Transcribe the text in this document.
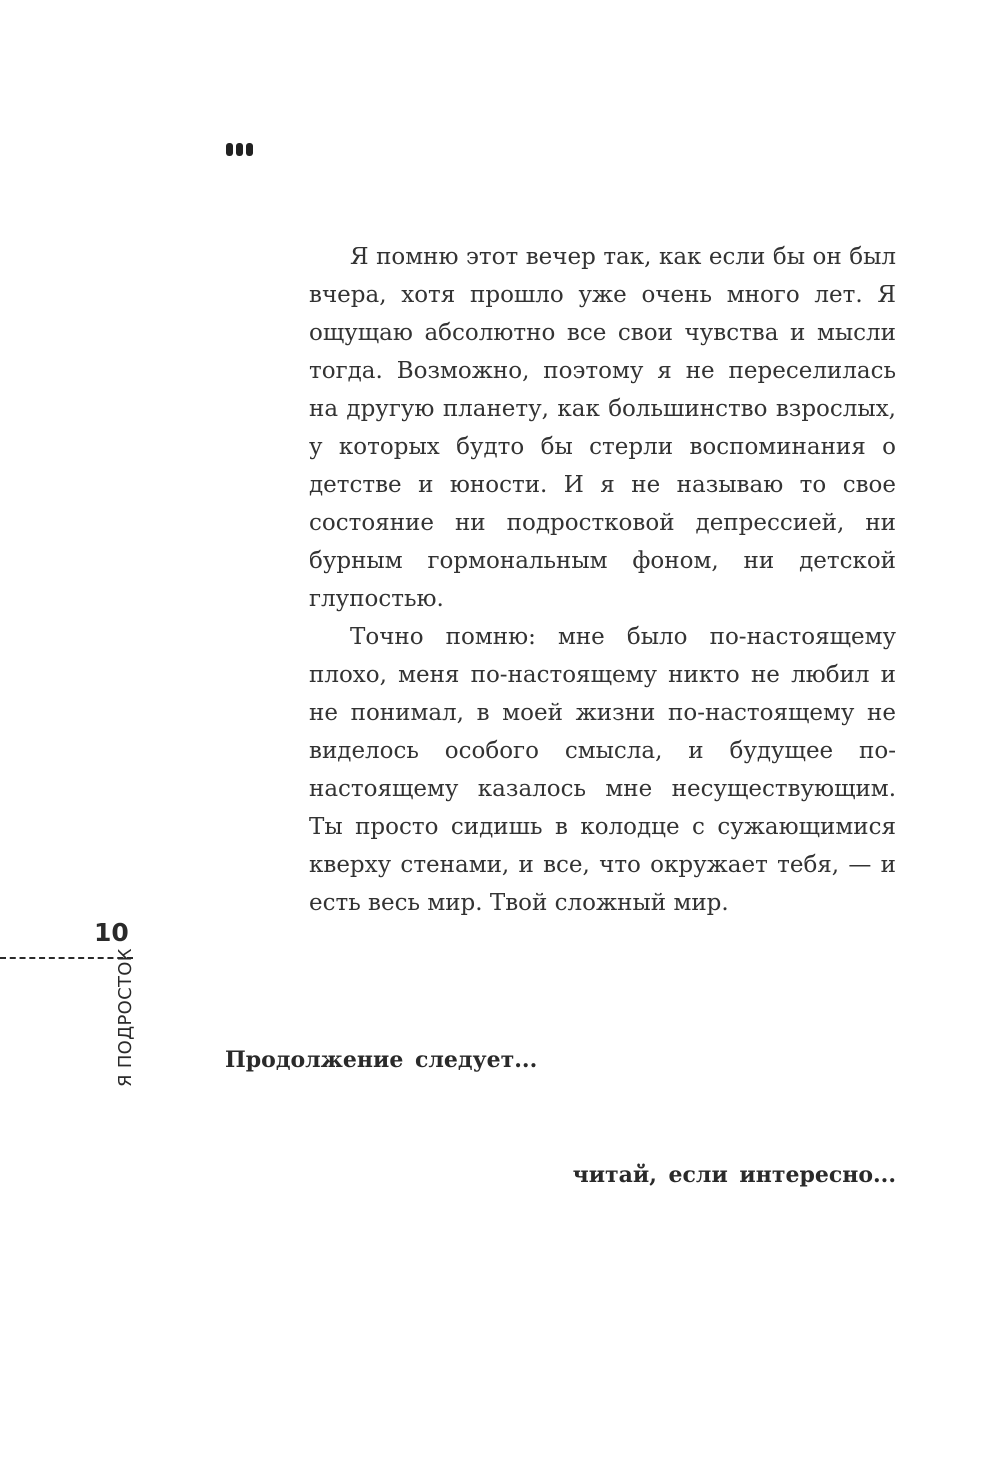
Я помню этот вечер так, как если бы он был вчера, хотя прошло уже очень много лет. Я ощущаю абсолютно все свои чувства и мысли тогда. Возможно, поэтому я не переселилась на другую планету, как большинство взрослых, у которых будто бы стерли воспоминания о детстве и юности. И я не называю то свое состояние ни подростковой депрессией, ни бурным гормональным фоном, ни детской глупостью.

Точно помню: мне было по-настоящему плохо, меня по-настоящему никто не любил и не понимал, в моей жизни по-настоящему не виделось особого смысла, и будущее понастоящему казалось мне несуществующим. Ты просто сидишь в колодце с сужающимися кверху стенами, и все, что окружает тебя, — и есть весь мир. Твой сложный мир.

10
Я ПОДРОСТОК	Продолжение следует...
читай, если интересно...
